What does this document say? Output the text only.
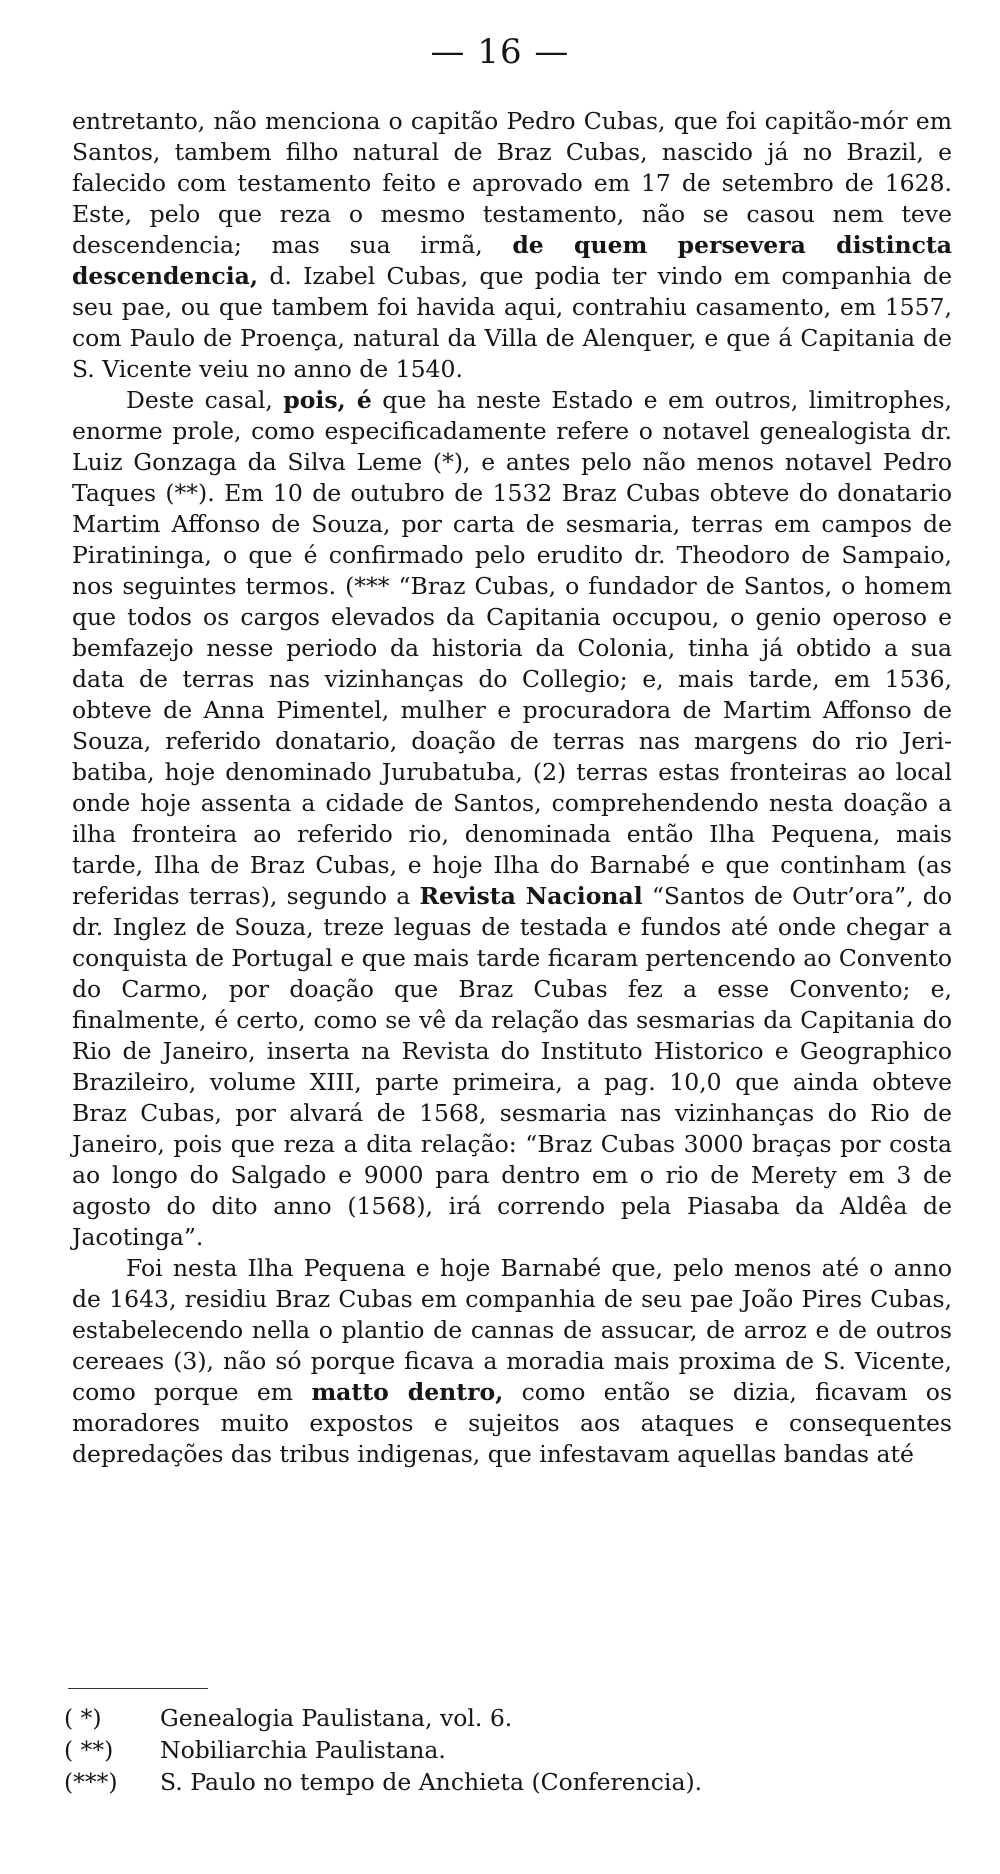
— 16 —

entretanto, não menciona o capitão Pedro Cubas, que foi capitão-mór em Santos, tambem filho natural de Braz Cubas, nascido já no Brazil, e falecido com testamento feito e aprovado em 17 de setembro de 1628. Este, pelo que reza o mesmo testamento, não se casou nem teve descendencia; mas sua irmã, de quem persevera distincta descendencia, d. Izabel Cubas, que podia ter vindo em companhia de seu pae, ou que tambem foi havida aqui, contrahiu casamento, em 1557, com Paulo de Proença, natural da Villa de Alenquer, e que á Capitania de S. Vicente veiu no anno de 1540.

Deste casal, pois, é que ha neste Estado e em outros, limitrophes, enorme prole, como especificadamente refere o notavel genealogista dr. Luiz Gonzaga da Silva Leme (*), e antes pelo não menos notavel Pedro Taques (**). Em 10 de outubro de 1532 Braz Cubas obteve do donatario Martim Affonso de Souza, por carta de sesmaria, terras em campos de Piratininga, o que é confirmado pelo erudito dr. Theodoro de Sampaio, nos seguintes termos. (*** “Braz Cubas, o fundador de Santos, o homem que todos os cargos elevados da Capitania occupou, o genio operoso e bemfazejo nesse periodo da historia da Colonia, tinha já obtido a sua data de terras nas vizinhanças do Collegio; e, mais tarde, em 1536, obteve de Anna Pimentel, mulher e procuradora de Martim Affonso de Souza, referido donatario, doação de terras nas margens do rio Jeribatiba, hoje denominado Jurubatuba, (2) terras estas fronteiras ao local onde hoje assenta a cidade de Santos, comprehendendo nesta doação a ilha fronteira ao referido rio, denominada então Ilha Pequena, mais tarde, Ilha de Braz Cubas, e hoje Ilha do Barnabé e que continham (as referidas terras), segundo a Revista Nacional “Santos de Outr’ora”, do dr. Inglez de Souza, treze leguas de testada e fundos até onde chegar a conquista de Portugal e que mais tarde ficaram pertencendo ao Convento do Carmo, por doação que Braz Cubas fez a esse Convento; e, finalmente, é certo, como se vê da relação das sesmarias da Capitania do Rio de Janeiro, inserta na Revista do Instituto Historico e Geographico Brazileiro, volume XIII, parte primeira, a pag. 10,0 que ainda obteve Braz Cubas, por alvará de 1568, sesmaria nas vizinhanças do Rio de Janeiro, pois que reza a dita relação: “Braz Cubas 3000 braças por costa ao longo do Salgado e 9000 para dentro em o rio de Merety em 3 de agosto do dito anno (1568), irá correndo pela Piasaba da Aldêa de Jacotinga”.

Foi nesta Ilha Pequena e hoje Barnabé que, pelo menos até o anno de 1643, residiu Braz Cubas em companhia de seu pae João Pires Cubas, estabelecendo nella o plantio de cannas de assucar, de arroz e de outros cereaes (3), não só porque ficava a moradia mais proxima de S. Vicente, como porque em matto dentro, como então se dizia, ficavam os moradores muito expostos e sujeitos aos ataques e consequentes depredações das tribus indigenas, que infestavam aquellas bandas até

( *)	Genealogia Paulistana, vol. 6.
( **)	Nobiliarchia Paulistana.
(***)	S. Paulo no tempo de Anchieta (Conferencia).
